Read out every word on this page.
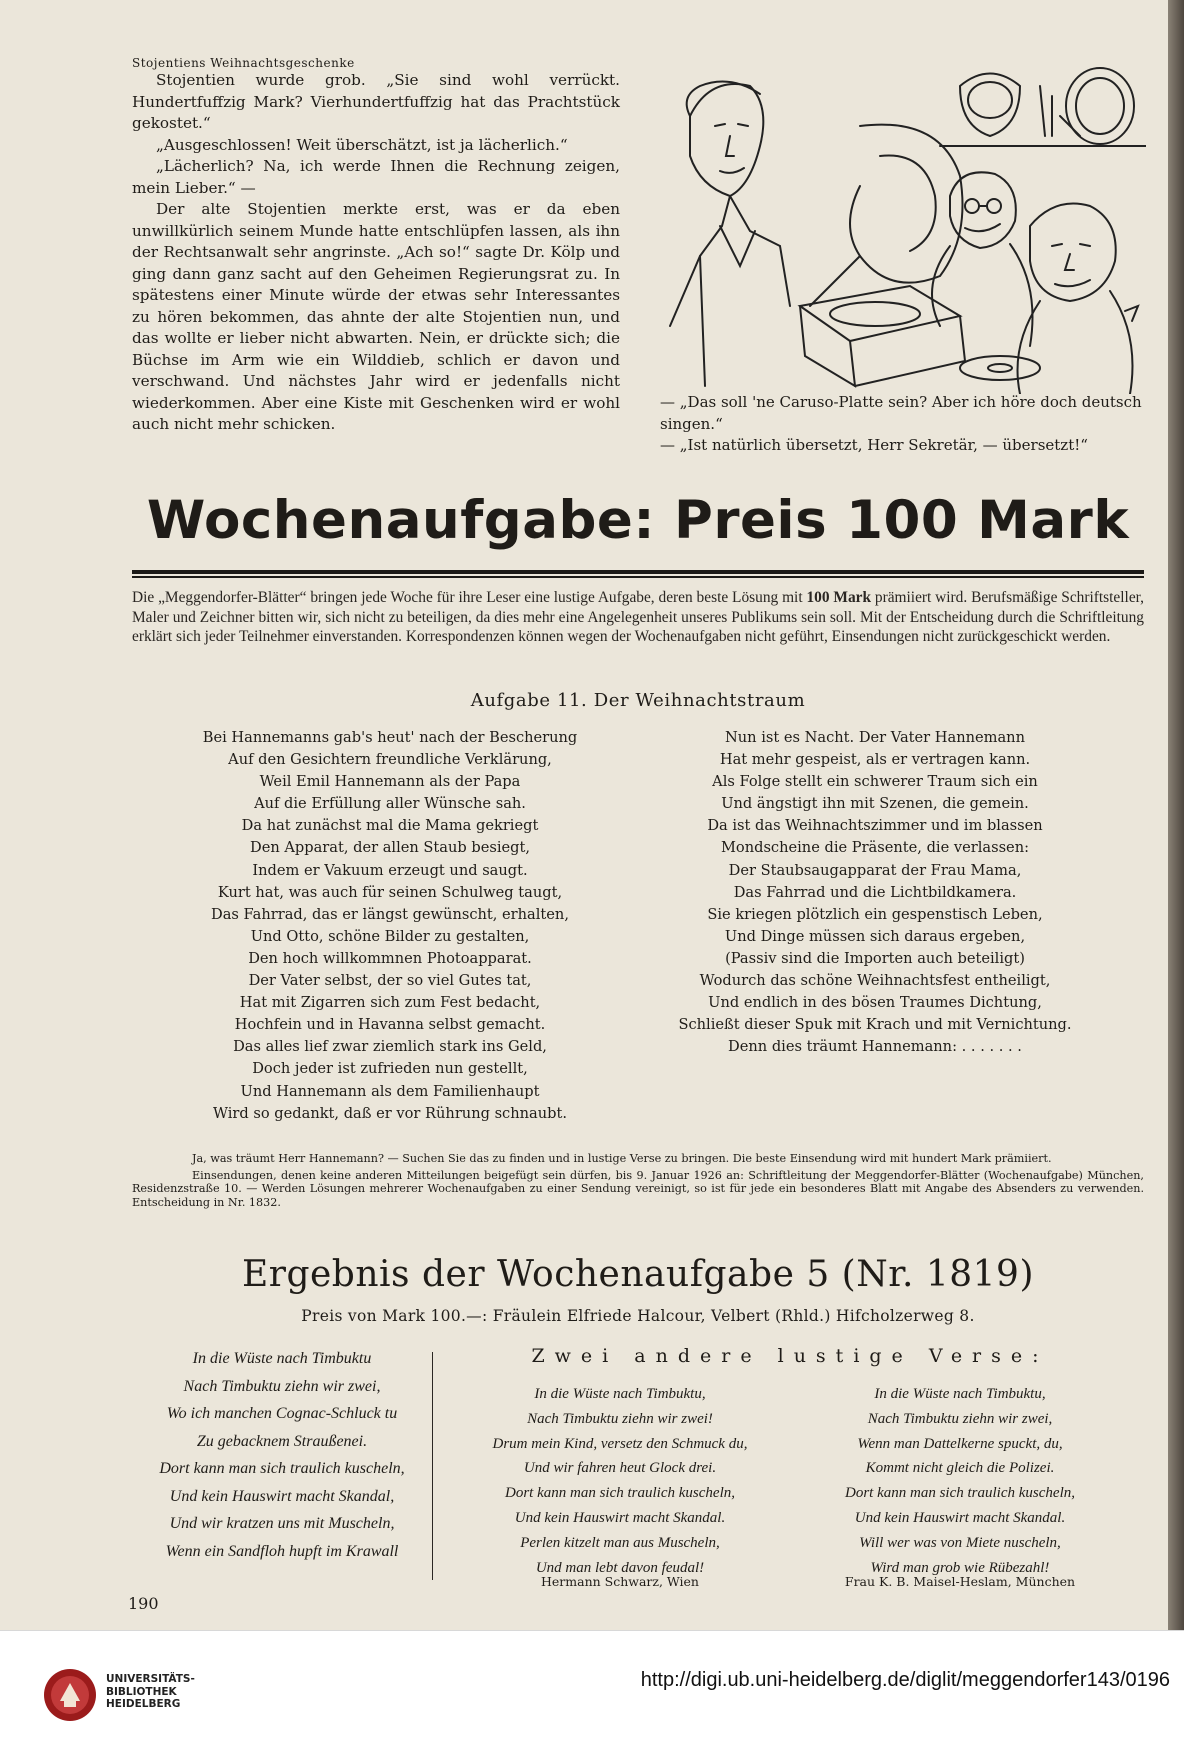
Stojentiens Weihnachtsgeschenke

Stojentien wurde grob. „Sie sind wohl verrückt. Hundertfuffzig Mark? Vierhundertfuffzig hat das Prachtstück gekostet.“

„Ausgeschlossen! Weit überschätzt, ist ja lächerlich.“

„Lächerlich? Na, ich werde Ihnen die Rechnung zeigen, mein Lieber.“ —

Der alte Stojentien merkte erst, was er da eben unwillkürlich seinem Munde hatte entschlüpfen lassen, als ihn der Rechtsanwalt sehr angrinste. „Ach so!“ sagte Dr. Kölp und ging dann ganz sacht auf den Geheimen Regierungsrat zu. In spätestens einer Minute würde der etwas sehr Interessantes zu hören bekommen, das ahnte der alte Stojentien nun, und das wollte er lieber nicht abwarten. Nein, er drückte sich; die Büchse im Arm wie ein Wilddieb, schlich er davon und verschwand. Und nächstes Jahr wird er jedenfalls nicht wiederkommen. Aber eine Kiste mit Geschenken wird er wohl auch nicht mehr schicken.

— „Das soll 'ne Caruso-Platte sein? Aber ich höre doch deutsch singen.“

— „Ist natürlich übersetzt, Herr Sekretär, — übersetzt!“

Wochenaufgabe: Preis 100 Mark
Die „Meggendorfer-Blätter“ bringen jede Woche für ihre Leser eine lustige Aufgabe, deren beste Lösung mit 100 Mark prämiiert wird. Berufsmäßige Schriftsteller, Maler und Zeichner bitten wir, sich nicht zu beteiligen, da dies mehr eine Angelegenheit unseres Publikums sein soll. Mit der Entscheidung durch die Schriftleitung erklärt sich jeder Teilnehmer einverstanden. Korrespondenzen können wegen der Wochenaufgaben nicht geführt, Einsendungen nicht zurückgeschickt werden.
Aufgabe 11. Der Weihnachtstraum
Bei Hannemanns gab's heut' nach der Bescherung
Auf den Gesichtern freundliche Verklärung,
Weil Emil Hannemann als der Papa
Auf die Erfüllung aller Wünsche sah.
Da hat zunächst mal die Mama gekriegt
Den Apparat, der allen Staub besiegt,
Indem er Vakuum erzeugt und saugt.
Kurt hat, was auch für seinen Schulweg taugt,
Das Fahrrad, das er längst gewünscht, erhalten,
Und Otto, schöne Bilder zu gestalten,
Den hoch willkommnen Photoapparat.
Der Vater selbst, der so viel Gutes tat,
Hat mit Zigarren sich zum Fest bedacht,
Hochfein und in Havanna selbst gemacht.
Das alles lief zwar ziemlich stark ins Geld,
Doch jeder ist zufrieden nun gestellt,
Und Hannemann als dem Familienhaupt
Wird so gedankt, daß er vor Rührung schnaubt.
Nun ist es Nacht. Der Vater Hannemann
Hat mehr gespeist, als er vertragen kann.
Als Folge stellt ein schwerer Traum sich ein
Und ängstigt ihn mit Szenen, die gemein.
Da ist das Weihnachtszimmer und im blassen
Mondscheine die Präsente, die verlassen:
Der Staubsaugapparat der Frau Mama,
Das Fahrrad und die Lichtbildkamera.
Sie kriegen plötzlich ein gespenstisch Leben,
Und Dinge müssen sich daraus ergeben,
(Passiv sind die Importen auch beteiligt)
Wodurch das schöne Weihnachtsfest entheiligt,
Und endlich in des bösen Traumes Dichtung,
Schließt dieser Spuk mit Krach und mit Vernichtung.
Denn dies träumt Hannemann: . . . . . . .

Ja, was träumt Herr Hannemann? — Suchen Sie das zu finden und in lustige Verse zu bringen. Die beste Einsendung wird mit hundert Mark prämiiert.

Einsendungen, denen keine anderen Mitteilungen beigefügt sein dürfen, bis 9. Januar 1926 an: Schriftleitung der Meggendorfer-Blätter (Wochenaufgabe) München, Residenzstraße 10. — Werden Lösungen mehrerer Wochenaufgaben zu einer Sendung vereinigt, so ist für jede ein besonderes Blatt mit Angabe des Absenders zu verwenden. Entscheidung in Nr. 1832.

Ergebnis der Wochenaufgabe 5 (Nr. 1819)
Preis von Mark 100.—: Fräulein Elfriede Halcour, Velbert (Rhld.) Hifcholzerweg 8.
In die Wüste nach Timbuktu
Nach Timbuktu ziehn wir zwei,
Wo ich manchen Cognac-Schluck tu
Zu gebacknem Straußenei.
Dort kann man sich traulich kuscheln,
Und kein Hauswirt macht Skandal,
Und wir kratzen uns mit Muscheln,
Wenn ein Sandfloh hupft im Krawall
Zwei andere lustige Verse:
In die Wüste nach Timbuktu,
Nach Timbuktu ziehn wir zwei!
Drum mein Kind, versetz den Schmuck du,
Und wir fahren heut Glock drei.
Dort kann man sich traulich kuscheln,
Und kein Hauswirt macht Skandal.
Perlen kitzelt man aus Muscheln,
Und man lebt davon feudal!
In die Wüste nach Timbuktu,
Nach Timbuktu ziehn wir zwei,
Wenn man Dattelkerne spuckt, du,
Kommt nicht gleich die Polizei.
Dort kann man sich traulich kuscheln,
Und kein Hauswirt macht Skandal.
Will wer was von Miete nuscheln,
Wird man grob wie Rübezahl!
Hermann Schwarz, Wien	Frau K. B. Maisel-Heslam, München
190
UNIVERSITÄTS-
BIBLIOTHEK
HEIDELBERG
http://digi.ub.uni-heidelberg.de/diglit/meggendorfer143/0196
